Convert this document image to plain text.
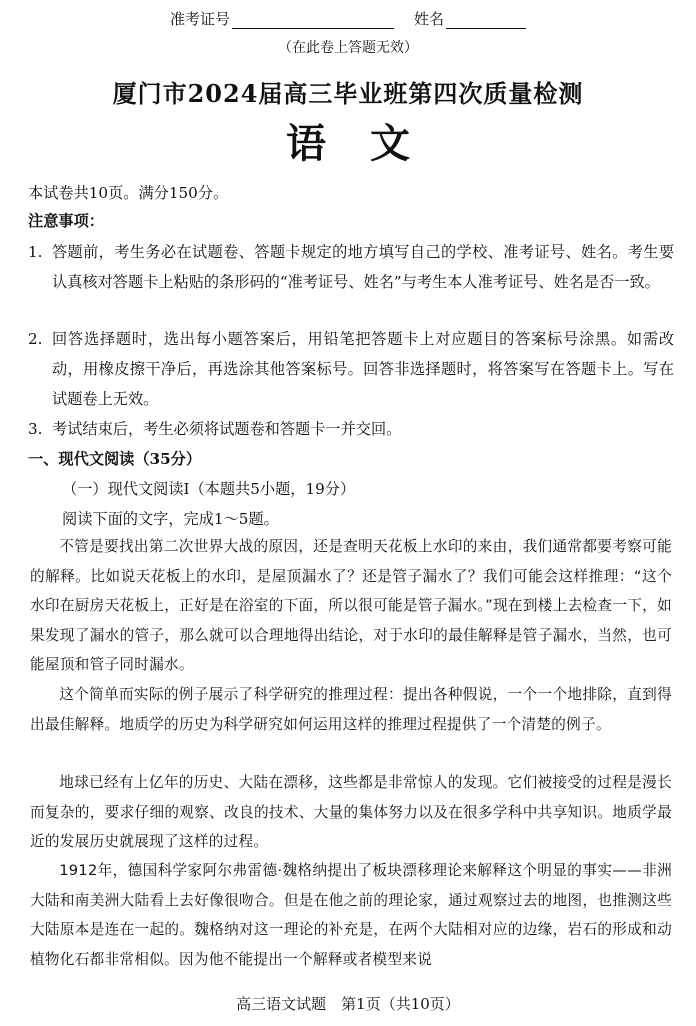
准考证号	姓名
（在此卷上答题无效）
厦门市2024届高三毕业班第四次质量检测
语文
本试卷共10页。满分150分。
注意事项：
1. 答题前，考生务必在试题卷、答题卡规定的地方填写自己的学校、准考证号、姓名。考生要认真核对答题卡上粘贴的条形码的“准考证号、姓名”与考生本人准考证号、姓名是否一致。
2. 回答选择题时，选出每小题答案后，用铅笔把答题卡上对应题目的答案标号涂黑。如需改动，用橡皮擦干净后，再选涂其他答案标号。回答非选择题时，将答案写在答题卡上。写在试题卷上无效。
3. 考试结束后，考生必须将试题卷和答题卡一并交回。
一、现代文阅读（35分）
（一）现代文阅读Ⅰ（本题共5小题，19分）
阅读下面的文字，完成1～5题。
不管是要找出第二次世界大战的原因，还是查明天花板上水印的来由，我们通常都要考察可能的解释。比如说天花板上的水印，是屋顶漏水了？还是管子漏水了？我们可能会这样推理：“这个水印在厨房天花板上，正好是在浴室的下面，所以很可能是管子漏水。”现在到楼上去检查一下，如果发现了漏水的管子，那么就可以合理地得出结论，对于水印的最佳解释是管子漏水，当然，也可能屋顶和管子同时漏水。
这个简单而实际的例子展示了科学研究的推理过程：提出各种假说，一个一个地排除，直到得出最佳解释。地质学的历史为科学研究如何运用这样的推理过程提供了一个清楚的例子。
地球已经有上亿年的历史、大陆在漂移，这些都是非常惊人的发现。它们被接受的过程是漫长而复杂的，要求仔细的观察、改良的技术、大量的集体努力以及在很多学科中共享知识。地质学最近的发展历史就展现了这样的过程。
1912年，德国科学家阿尔弗雷德·魏格纳提出了板块漂移理论来解释这个明显的事实——非洲大陆和南美洲大陆看上去好像很吻合。但是在他之前的理论家，通过观察过去的地图，也推测这些大陆原本是连在一起的。魏格纳对这一理论的补充是，在两个大陆相对应的边缘，岩石的形成和动植物化石都非常相似。因为他不能提出一个解释或者模型来说
高三语文试题　第1页（共10页）
